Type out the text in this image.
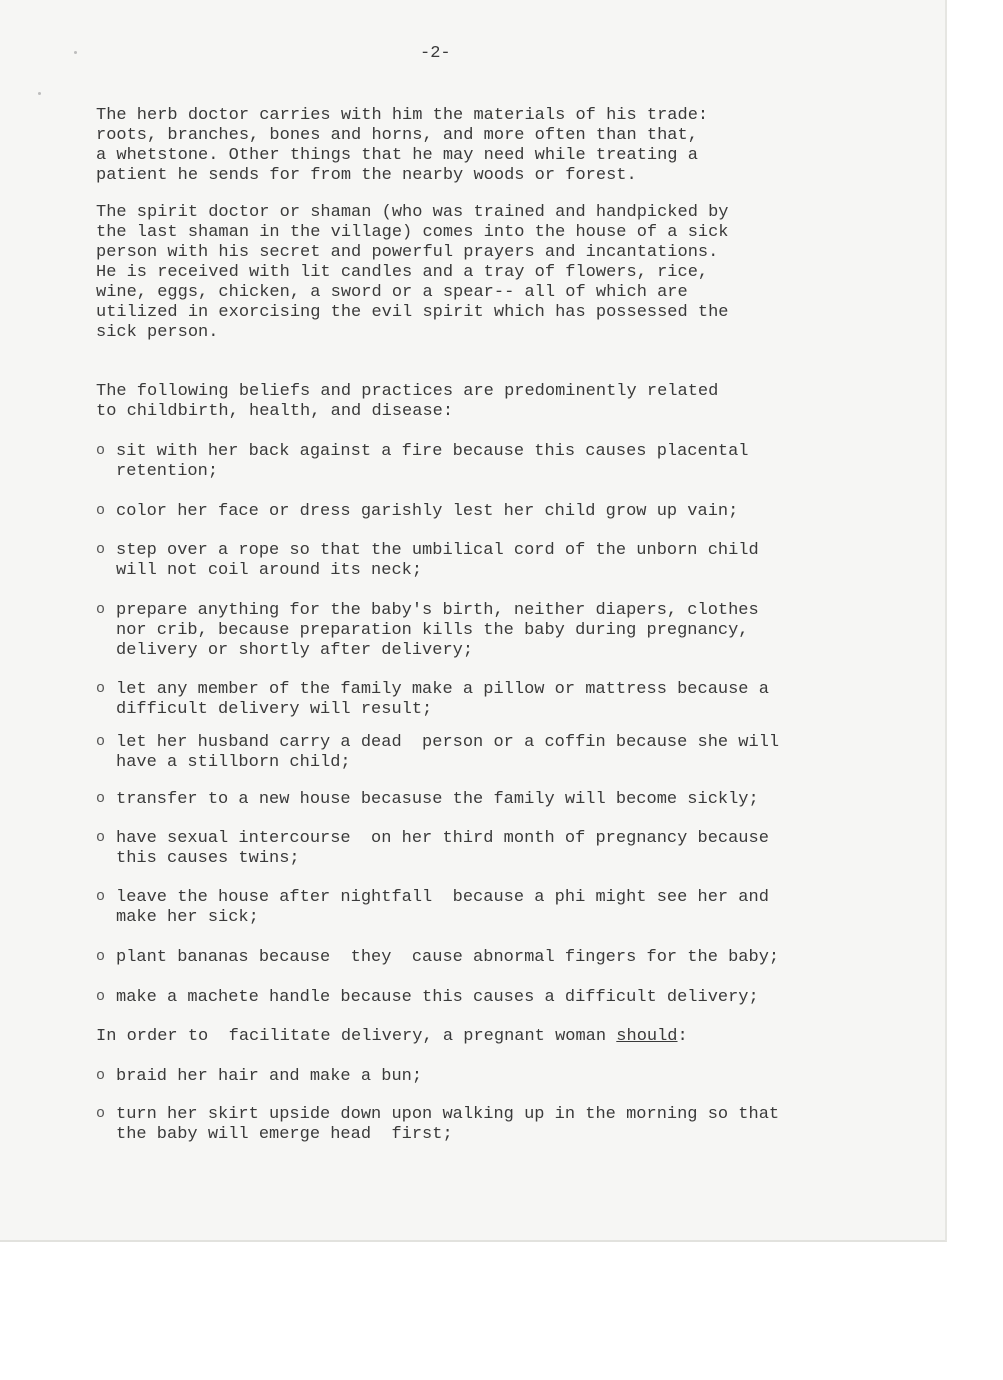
-2-
The herb doctor carries with him the materials of his trade:
roots, branches, bones and horns, and more often than that,
a whetstone. Other things that he may need while treating a
patient he sends for from the nearby woods or forest.
The spirit doctor or shaman (who was trained and handpicked by
the last shaman in the village) comes into the house of a sick
person with his secret and powerful prayers and incantations.
He is received with lit candles and a tray of flowers, rice,
wine, eggs, chicken, a sword or a spear-- all of which are
utilized in exorcising the evil spirit which has possessed the
sick person.
The following beliefs and practices are predominently related
to childbirth, health, and disease:
o sit with her back against a fire because this causes placental
retention;
o color her face or dress garishly lest her child grow up vain;
o step over a rope so that the umbilical cord of the unborn child
will not coil around its neck;
o prepare anything for the baby's birth, neither diapers, clothes
nor crib, because preparation kills the baby during pregnancy,
delivery or shortly after delivery;
o let any member of the family make a pillow or mattress because a
difficult delivery will result;
o let her husband carry a dead  person or a coffin because she will
have a stillborn child;
o transfer to a new house becasuse the family will become sickly;
o have sexual intercourse  on her third month of pregnancy because
this causes twins;
o leave the house after nightfall  because a phi might see her and
make her sick;
o plant bananas because  they  cause abnormal fingers for the baby;
o make a machete handle because this causes a difficult delivery;
In order to  facilitate delivery, a pregnant woman should:
o braid her hair and make a bun;
o turn her skirt upside down upon walking up in the morning so that
the baby will emerge head  first;
